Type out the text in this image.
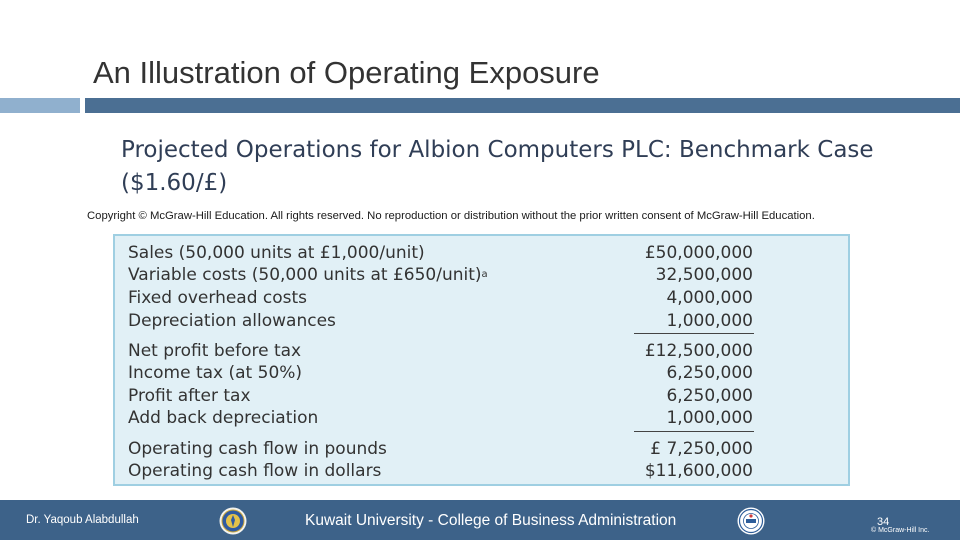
An Illustration of Operating Exposure
Projected Operations for Albion Computers PLC: Benchmark Case ($1.60/£)
Copyright © McGraw-Hill Education. All rights reserved. No reproduction or distribution without the prior written consent of McGraw-Hill Education.
Sales (50,000 units at £1,000/unit)	£50,000,000
Variable costs (50,000 units at £650/unit)$^a$	32,500,000
Fixed overhead costs	4,000,000
Depreciation allowances	1,000,000
Net profit before tax	£12,500,000
Income tax (at 50%)	6,250,000
Profit after tax	6,250,000
Add back depreciation	1,000,000
Operating cash flow in pounds	£ 7,250,000
Operating cash flow in dollars	$11,600,000
Dr. Yaqoub Alabdullah	Kuwait University - College of Business Administration	34
© McGraw-Hill Inc.
